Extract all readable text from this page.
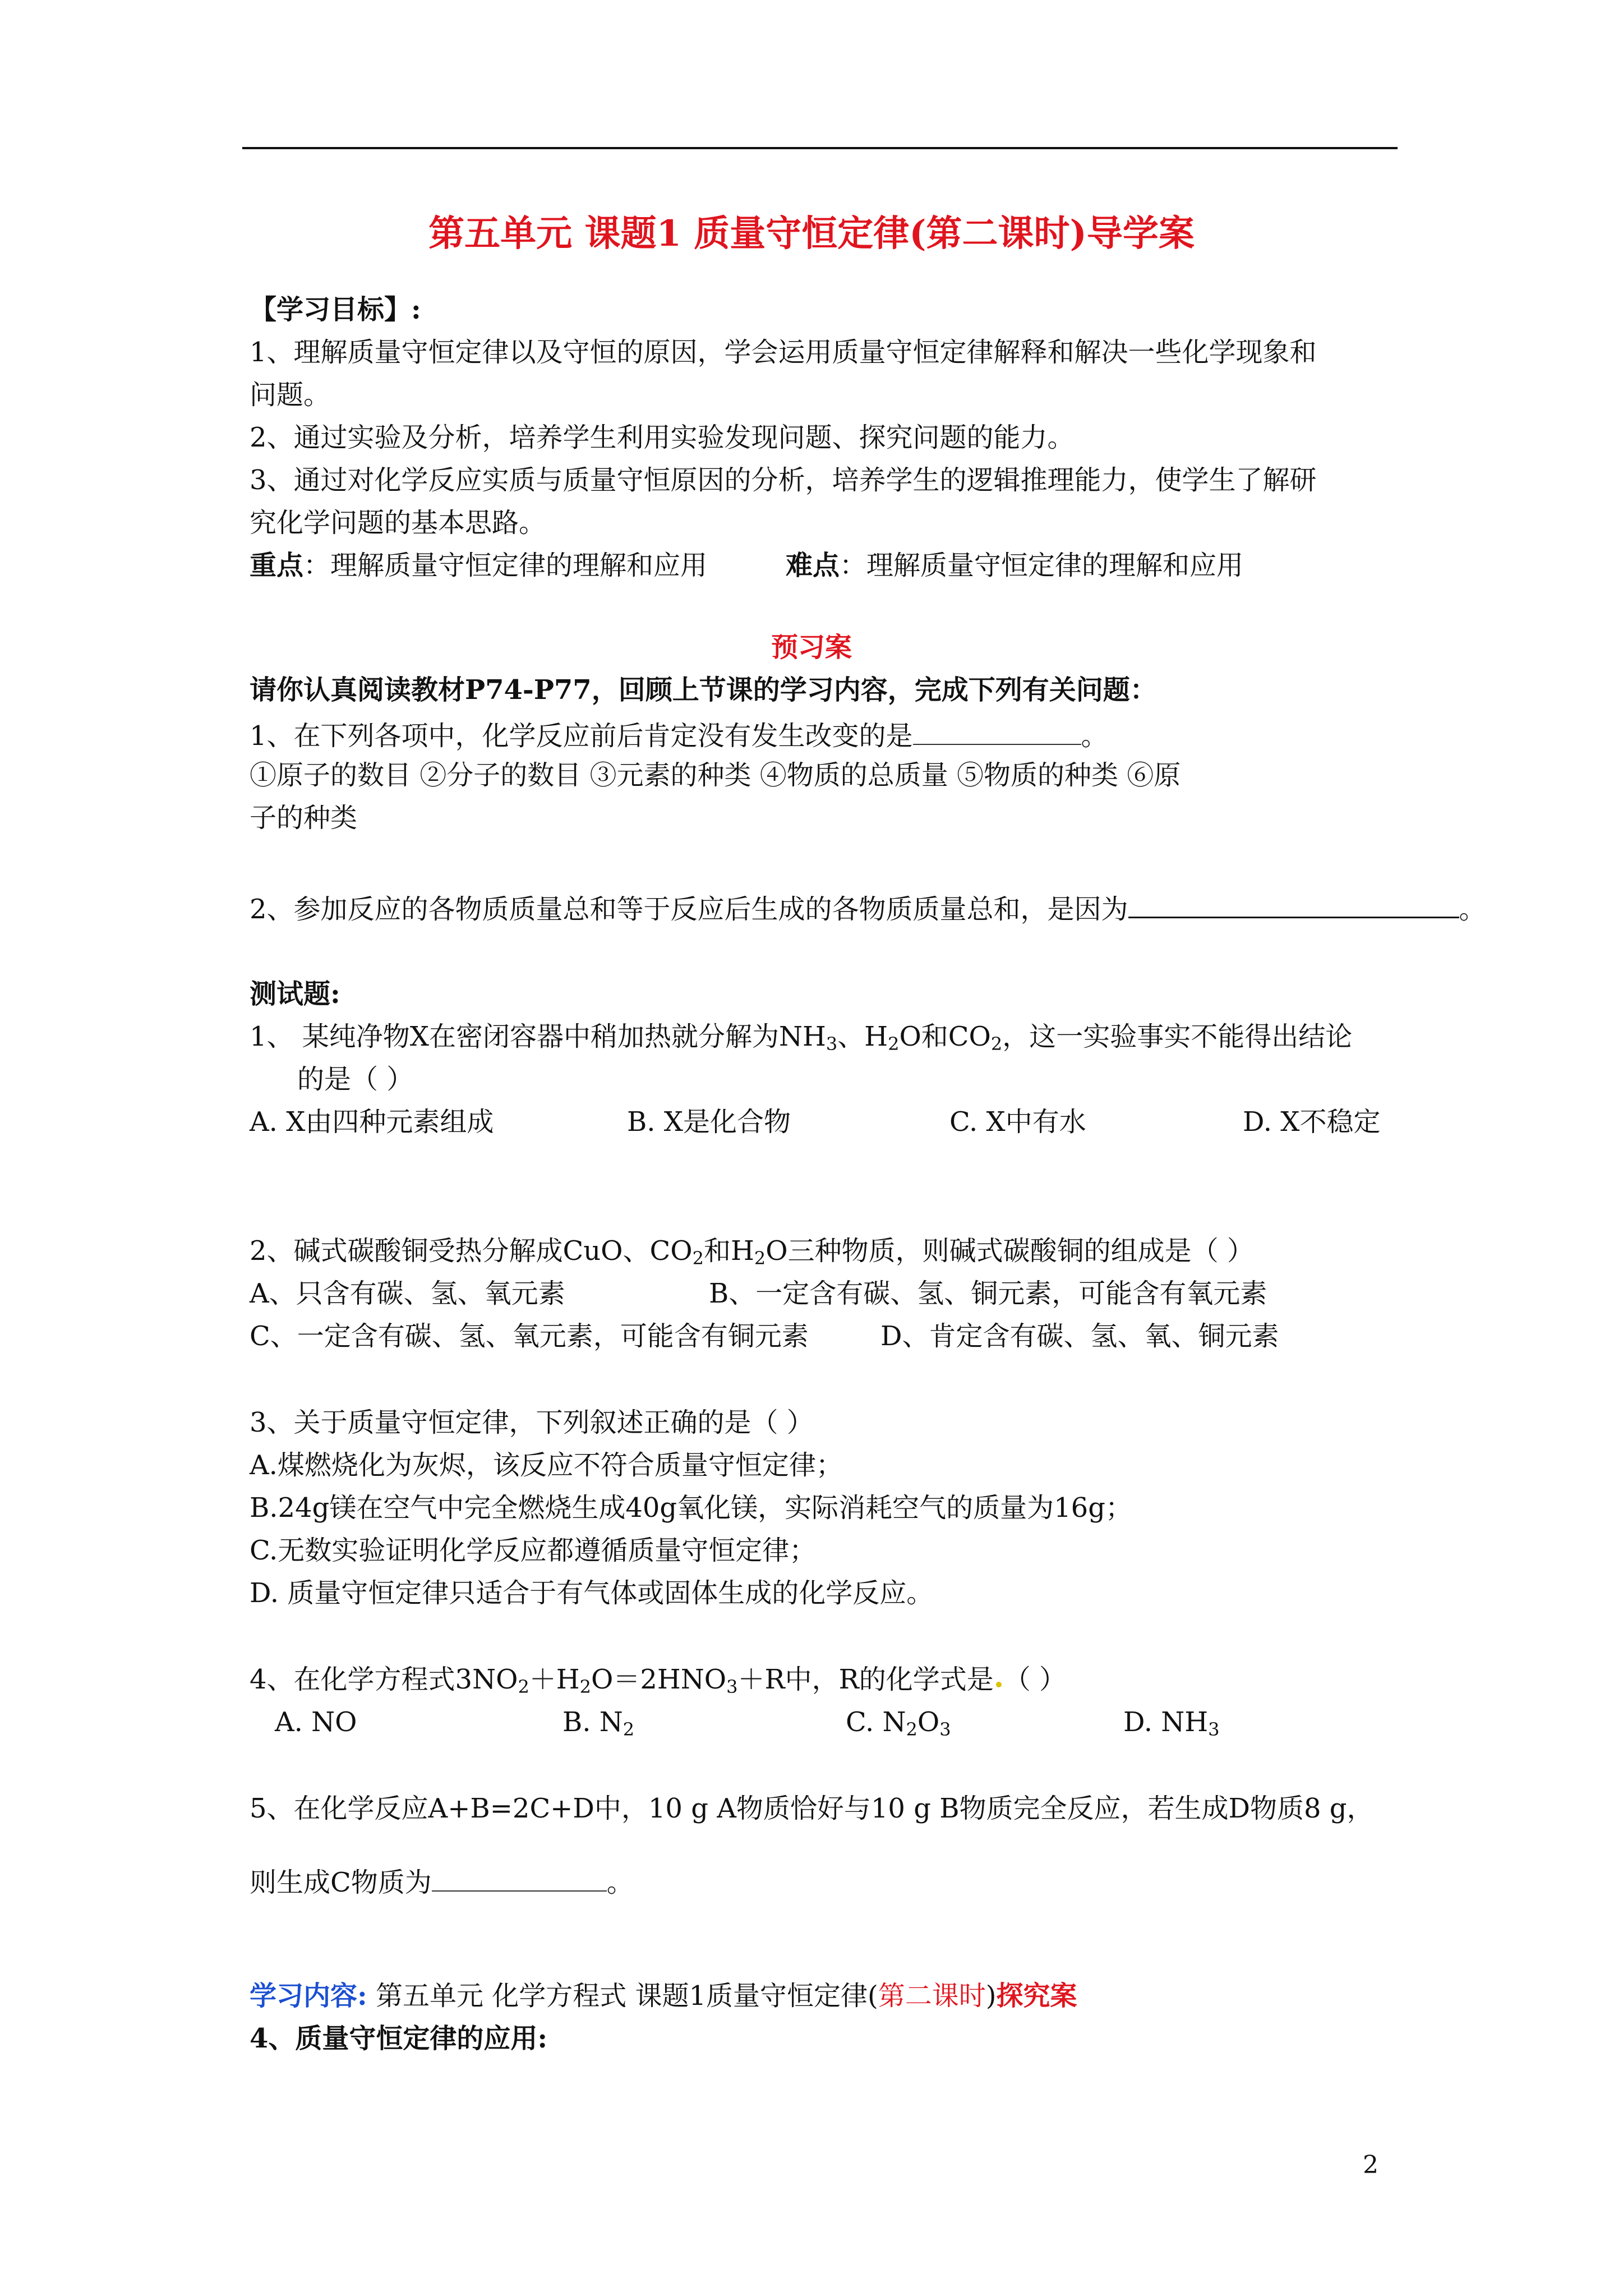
第五单元 课题1 质量守恒定律(第二课时)导学案
【学习目标】:
1、理解质量守恒定律以及守恒的原因，学会运用质量守恒定律解释和解决一些化学现象和
问题。
2、通过实验及分析，培养学生利用实验发现问题、探究问题的能力。
3、通过对化学反应实质与质量守恒原因的分析，培养学生的逻辑推理能力，使学生了解研
究化学问题的基本思路。
重点：理解质量守恒定律的理解和应用	难点：理解质量守恒定律的理解和应用
预习案
请你认真阅读教材P74-P77，回顾上节课的学习内容，完成下列有关问题：
1、在下列各项中，化学反应前后肯定没有发生改变的是	。
①原子的数目 ②分子的数目 ③元素的种类 ④物质的总质量 ⑤物质的种类 ⑥原
子的种类
2、参加反应的各物质质量总和等于反应后生成的各物质质量总和，是因为	。
测试题:
1、 某纯净物X在密闭容器中稍加热就分解为$NH_3$、$H_2O$和$CO_2$，这一实验事实不能得出结论
的是（ ）
A. X由四种元素组成	B. X是化合物	C. X中有水	D. X不稳定
2、碱式碳酸铜受热分解成CuO、$CO_2$和$H_2O$三种物质，则碱式碳酸铜的组成是（ ）
A、只含有碳、氢、氧元素	B、一定含有碳、氢、铜元素，可能含有氧元素
C、一定含有碳、氢、氧元素，可能含有铜元素	D、肯定含有碳、氢、氧、铜元素
3、关于质量守恒定律，下列叙述正确的是（ ）
A.煤燃烧化为灰烬，该反应不符合质量守恒定律；
B.24g镁在空气中完全燃烧生成40g氧化镁，实际消耗空气的质量为16g；
C.无数实验证明化学反应都遵循质量守恒定律；
D. 质量守恒定律只适合于有气体或固体生成的化学反应。
4、在化学方程式$3NO_2+H_2O=2HNO_3+R$中，R的化学式是 （ ）
A. NO	B. $N_2$	C. $N_2O_3$	D. $NH_3$
5、在化学反应A+B=2C+D中，10 g A物质恰好与10 g B物质完全反应，若生成D物质8 g，
则生成C物质为	。
学习内容: 第五单元 化学方程式 课题1质量守恒定律(第二课时)探究案
4、质量守恒定律的应用:
2
